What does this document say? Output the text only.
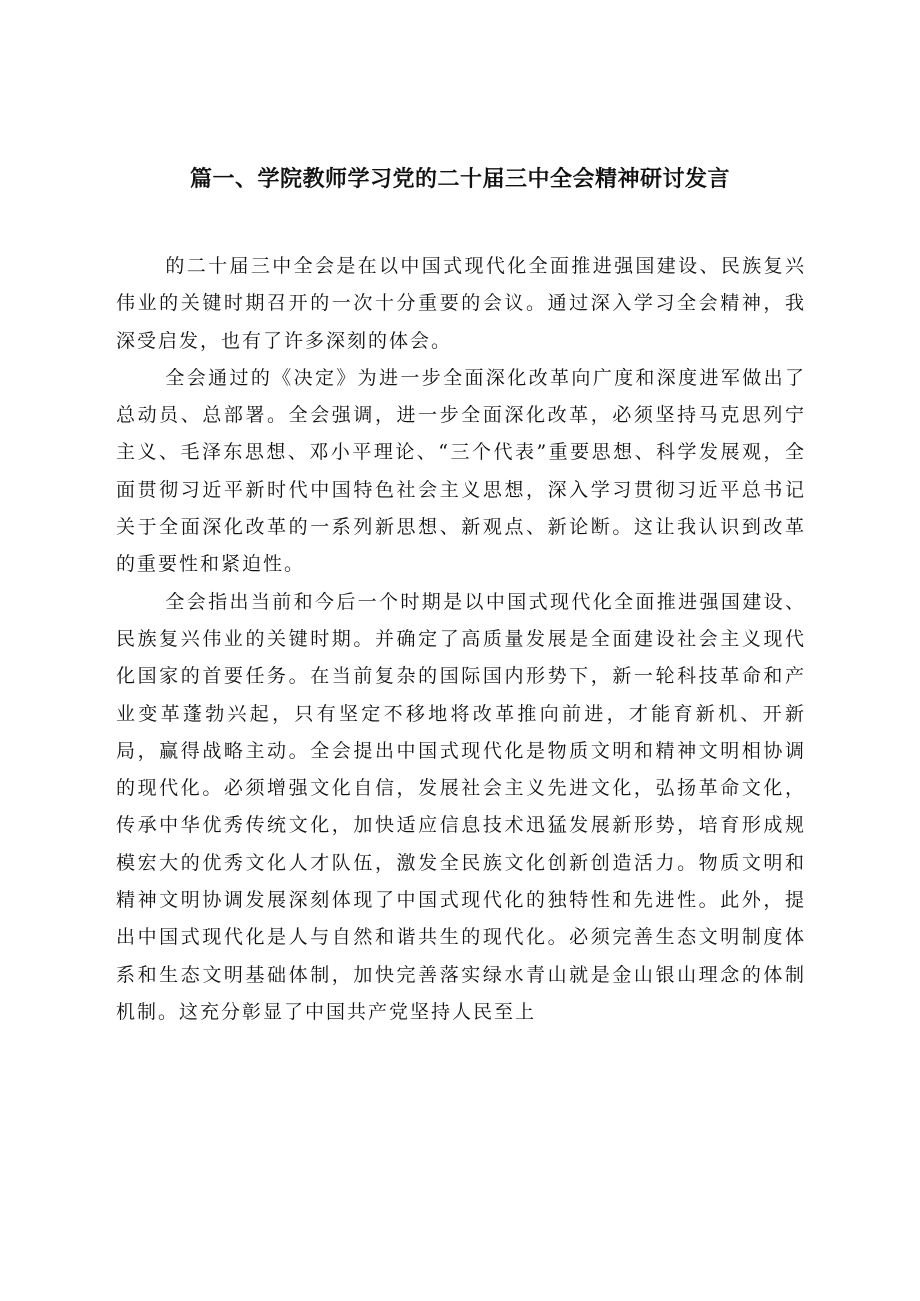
篇一、学院教师学习党的二十届三中全会精神研讨发言

的二十届三中全会是在以中国式现代化全面推进强国建设、民族复兴伟业的关键时期召开的一次十分重要的会议。通过深入学习全会精神，我深受启发，也有了许多深刻的体会。

全会通过的《决定》为进一步全面深化改革向广度和深度进军做出了总动员、总部署。全会强调，进一步全面深化改革，必须坚持马克思列宁主义、毛泽东思想、邓小平理论、“三个代表”重要思想、科学发展观，全面贯彻习近平新时代中国特色社会主义思想，深入学习贯彻习近平总书记关于全面深化改革的一系列新思想、新观点、新论断。这让我认识到改革的重要性和紧迫性。

全会指出当前和今后一个时期是以中国式现代化全面推进强国建设、民族复兴伟业的关键时期。并确定了高质量发展是全面建设社会主义现代化国家的首要任务。在当前复杂的国际国内形势下，新一轮科技革命和产业变革蓬勃兴起，只有坚定不移地将改革推向前进，才能育新机、开新局，赢得战略主动。全会提出中国式现代化是物质文明和精神文明相协调的现代化。必须增强文化自信，发展社会主义先进文化，弘扬革命文化，传承中华优秀传统文化，加快适应信息技术迅猛发展新形势，培育形成规模宏大的优秀文化人才队伍，激发全民族文化创新创造活力。物质文明和精神文明协调发展深刻体现了中国式现代化的独特性和先进性。此外，提出中国式现代化是人与自然和谐共生的现代化。必须完善生态文明制度体系和生态文明基础体制，加快完善落实绿水青山就是金山银山理念的体制机制。这充分彰显了中国共产党坚持人民至上
